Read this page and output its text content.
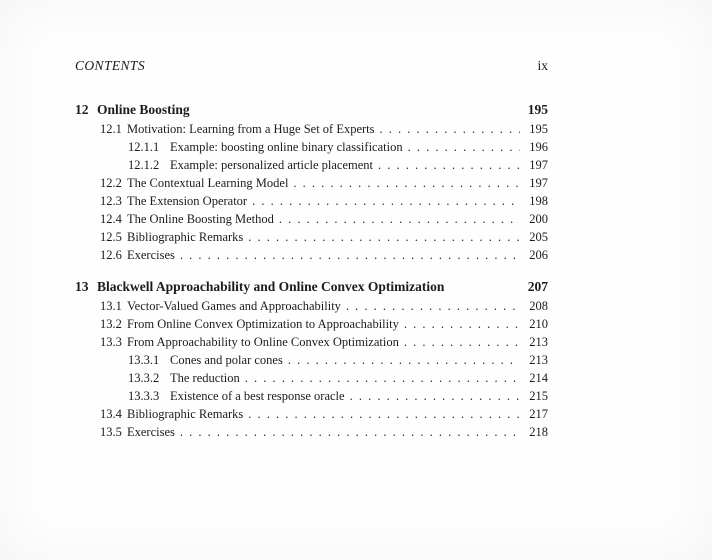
CONTENTS	ix
12 Online Boosting	195
12.1 Motivation: Learning from a Huge Set of Experts . . .	195
12.1.1 Example: boosting online binary classification . . .	196
12.1.2 Example: personalized article placement . . .	197
12.2 The Contextual Learning Model . . .	197
12.3 The Extension Operator . . .	198
12.4 The Online Boosting Method . . .	200
12.5 Bibliographic Remarks . . .	205
12.6 Exercises . . .	206
13 Blackwell Approachability and Online Convex Optimization	207
13.1 Vector-Valued Games and Approachability . . .	208
13.2 From Online Convex Optimization to Approachability . . .	210
13.3 From Approachability to Online Convex Optimization . . .	213
13.3.1 Cones and polar cones . . .	213
13.3.2 The reduction . . .	214
13.3.3 Existence of a best response oracle . . .	215
13.4 Bibliographic Remarks . . .	217
13.5 Exercises . . .	218
